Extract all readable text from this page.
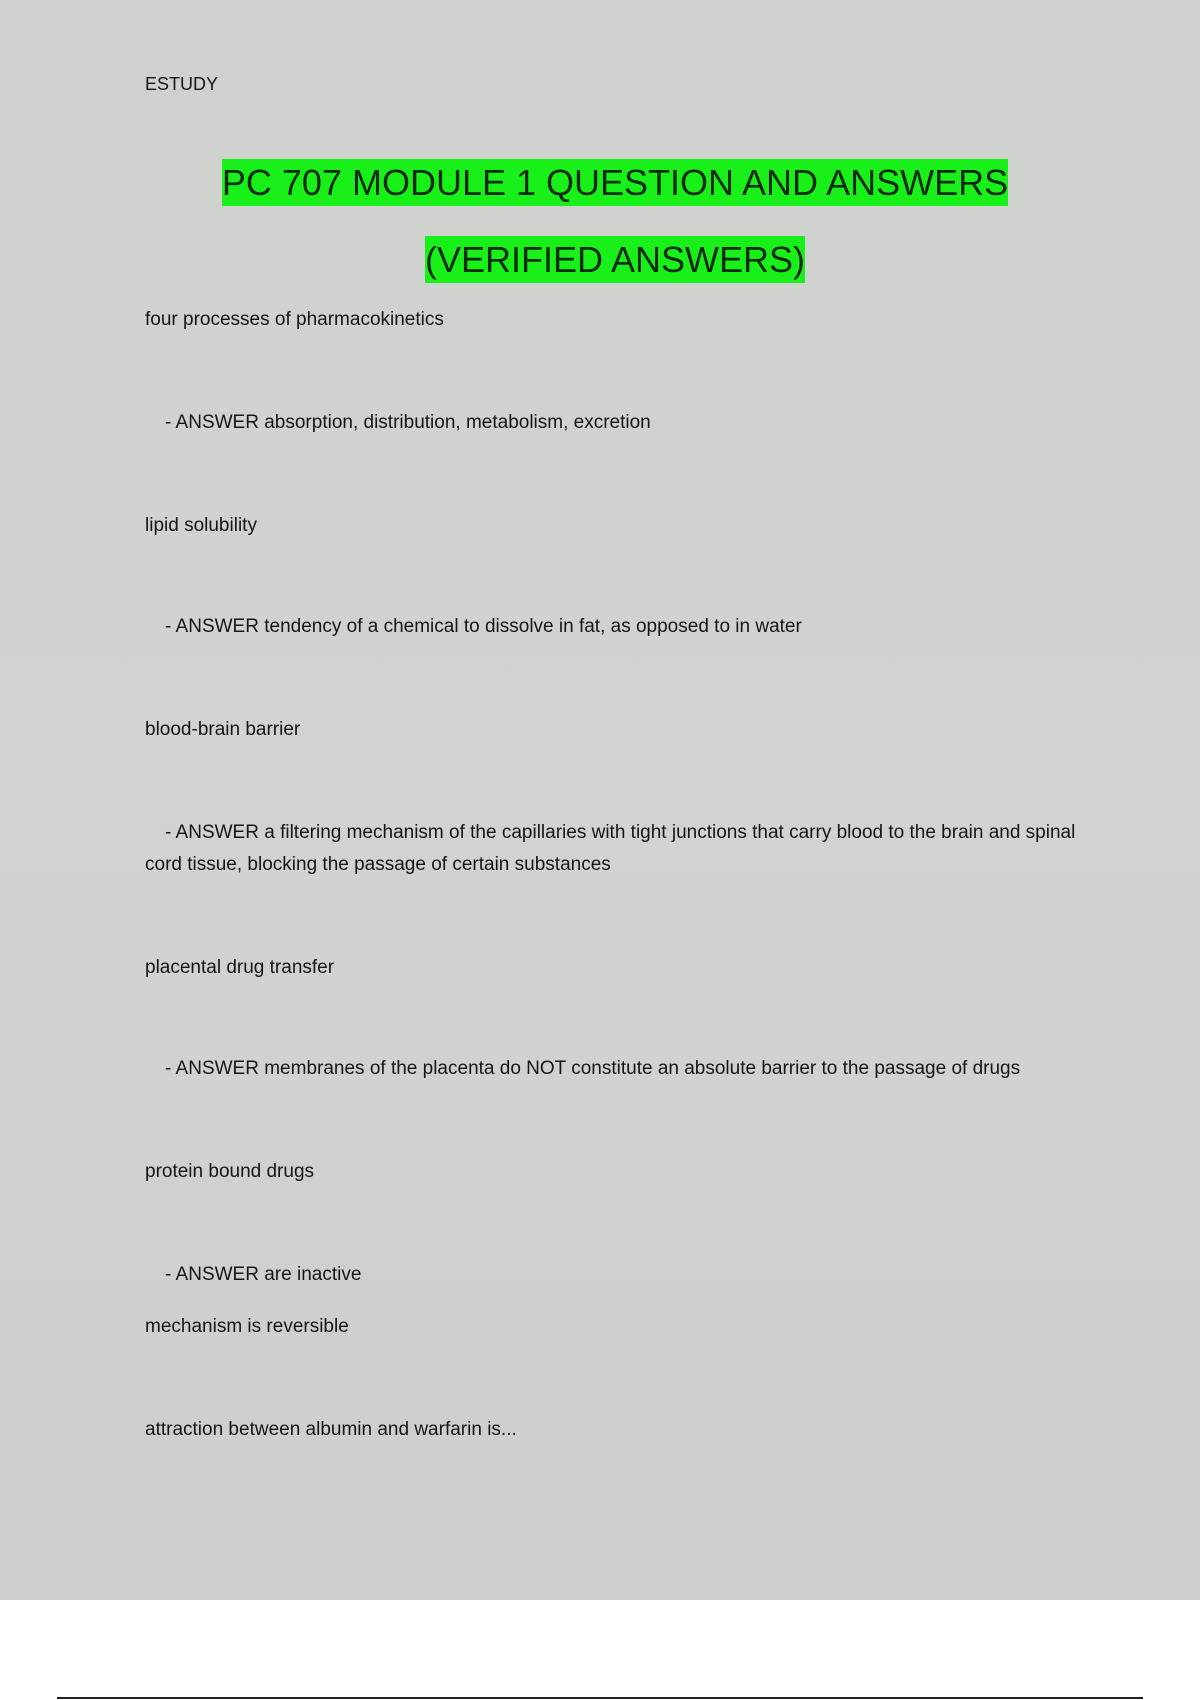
ESTUDY
PC 707 MODULE 1 QUESTION AND ANSWERS (VERIFIED ANSWERS)
four processes of pharmacokinetics
- ANSWER absorption, distribution, metabolism, excretion
lipid solubility
- ANSWER tendency of a chemical to dissolve in fat, as opposed to in water
blood-brain barrier
- ANSWER a filtering mechanism of the capillaries with tight junctions that carry blood to the brain and spinal cord tissue, blocking the passage of certain substances
placental drug transfer
- ANSWER membranes of the placenta do NOT constitute an absolute barrier to the passage of drugs
protein bound drugs
- ANSWER are inactive
mechanism is reversible
attraction between albumin and warfarin is...
